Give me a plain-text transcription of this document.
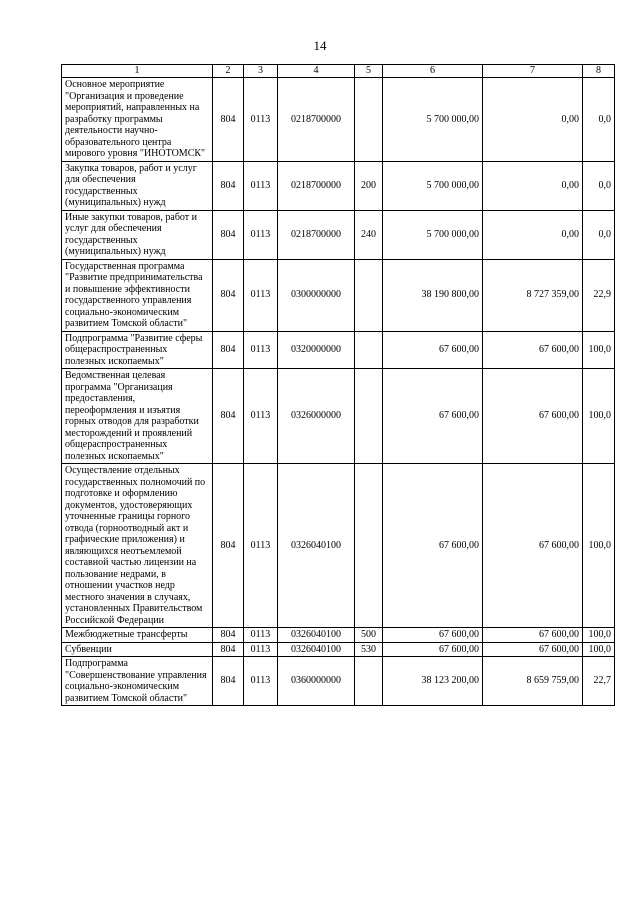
14
1	2	3	4	5	6	7	8
Основное мероприятие "Организация и проведение мероприятий, направленных на разработку программы деятельности научно-образовательного центра мирового уровня "ИНОТОМСК"	804	0113	0218700000		5 700 000,00	0,00	0,0
Закупка товаров, работ и услуг для обеспечения государственных (муниципальных) нужд	804	0113	0218700000	200	5 700 000,00	0,00	0,0
Иные закупки товаров, работ и услуг для обеспечения государственных (муниципальных) нужд	804	0113	0218700000	240	5 700 000,00	0,00	0,0
Государственная программа "Развитие предпринимательства и повышение эффективности государственного управления социально-экономическим развитием Томской области"	804	0113	0300000000		38 190 800,00	8 727 359,00	22,9
Подпрограмма "Развитие сферы общераспространенных полезных ископаемых"	804	0113	0320000000		67 600,00	67 600,00	100,0
Ведомственная целевая программа "Организация предоставления, переоформления и изъятия горных отводов для разработки месторождений и проявлений общераспространенных полезных ископаемых"	804	0113	0326000000		67 600,00	67 600,00	100,0
Осуществление отдельных государственных полномочий по подготовке и оформлению документов, удостоверяющих уточненные границы горного отвода (горноотводный акт и графические приложения) и являющихся неотъемлемой составной частью лицензии на пользование недрами, в отношении участков недр местного значения в случаях, установленных Правительством Российской Федерации	804	0113	0326040100		67 600,00	67 600,00	100,0
Межбюджетные трансферты	804	0113	0326040100	500	67 600,00	67 600,00	100,0
Субвенции	804	0113	0326040100	530	67 600,00	67 600,00	100,0
Подпрограмма "Совершенствование управления социально-экономическим развитием Томской области"	804	0113	0360000000		38 123 200,00	8 659 759,00	22,7
